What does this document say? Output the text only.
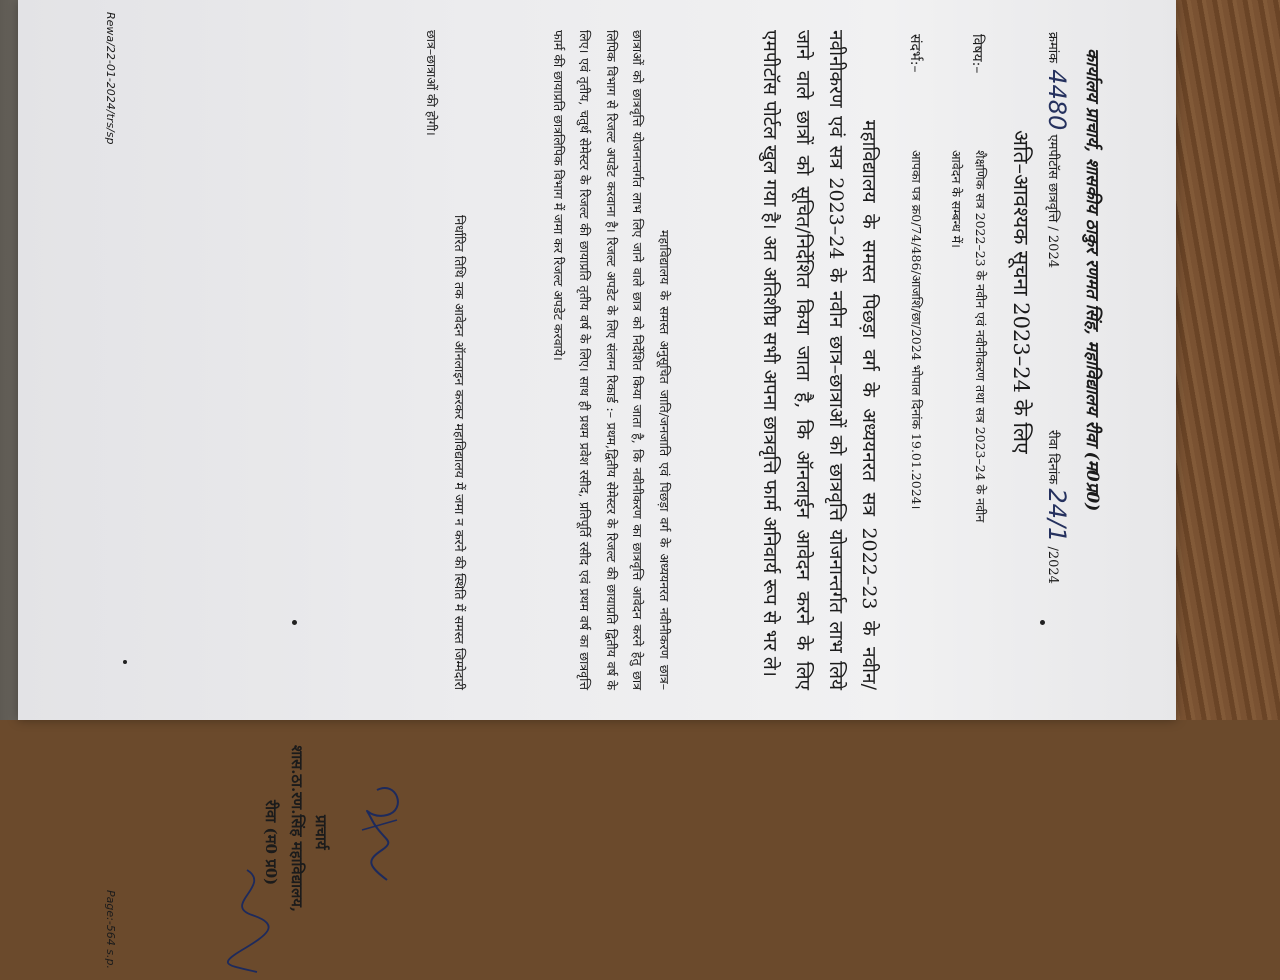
कार्यालय प्राचार्य, शासकीय ठाकुर रणमत सिंह, महाविद्यालय रीवा (म0प्र0)
क्रमांक 4480 एमपीटॉस छात्रवृत्ति / 2024
रीवा दिनांक 24/1 /2024
अति–आवश्यक सूचना 2023–24 के लिए
विषय:–
शैक्षणिक सत्र 2022–23 के नवीन एवं नवीनीकरण तथा सत्र 2023–24 के नवीन
आवेदन के सम्बन्ध में।
संदर्भ:–
आपका पत्र क्र0/74/486/आजशि/छा/2024 भोपाल दिनांक 19.01.2024।
महाविद्यालय के समस्त पिछड़ा वर्ग के अध्ययनरत सत्र 2022–23 के नवीन/नवीनीकरण एवं सत्र 2023–24 के नवीन छात्र–छात्राओं को छात्रवृत्ति योजनान्तर्गत लाभ लिये जाने वाले छात्रों को सूचित/निर्देशित किया जाता है, कि ऑनलाईन आवेदन करने के लिए एमपीटॉस पोर्टल खुल गया है। अत अतिशीघ्र सभी अपना छात्रवृत्ति फार्म अनिवार्य रूप से भर ले।
महाविद्यालय के समस्त अनुसूचित जाति/जनजाति एवं पिछड़ा वर्ग के अध्ययनरत नवीनीकरण छात्र–छात्राओं को छात्रवृत्ति योजनान्तर्गत लाभ लिए जाने वाले छात्र को निर्देशित किया जाता है, कि नवीनीकरण का छात्रवृत्ति आवेदन करने हेतु छात्र लिपिक विभाग से रिजल्ट अपडेट करवाना है। रिजल्ट अपडेट के लिए संलग्न रिकार्ड :– प्रथम,द्वितीय सेमेस्टर के रिजल्ट की छायाप्रति द्वितीय वर्ष के लिए। एवं तृतीय, चतुर्थ सेमेस्टर के रिजल्ट की छायाप्रति तृतीय वर्ष के लिए। साथ ही प्रथम प्रवेश रसीद, प्रतिपूर्ति रसीद एवं प्रथम वर्ष का छात्रवृत्ति फार्म की छायाप्रति छात्रलिपिक विभाग में जमा कर रिजल्ट अपडेट करवाये।
निर्धारित तिथि तक आवेदन ऑनलाइन करकर महाविद्यालय में जमा न करने की स्थिति में समस्त जिम्मेदारी छात्र–छात्राओं की होगी।
प्राचार्य
शास.ठा.रण.सिंह महाविद्यालय,
रीवा (म0 प्र0)
Rewa/22-01-2024/trs/sp
Page:-564 s.p.
